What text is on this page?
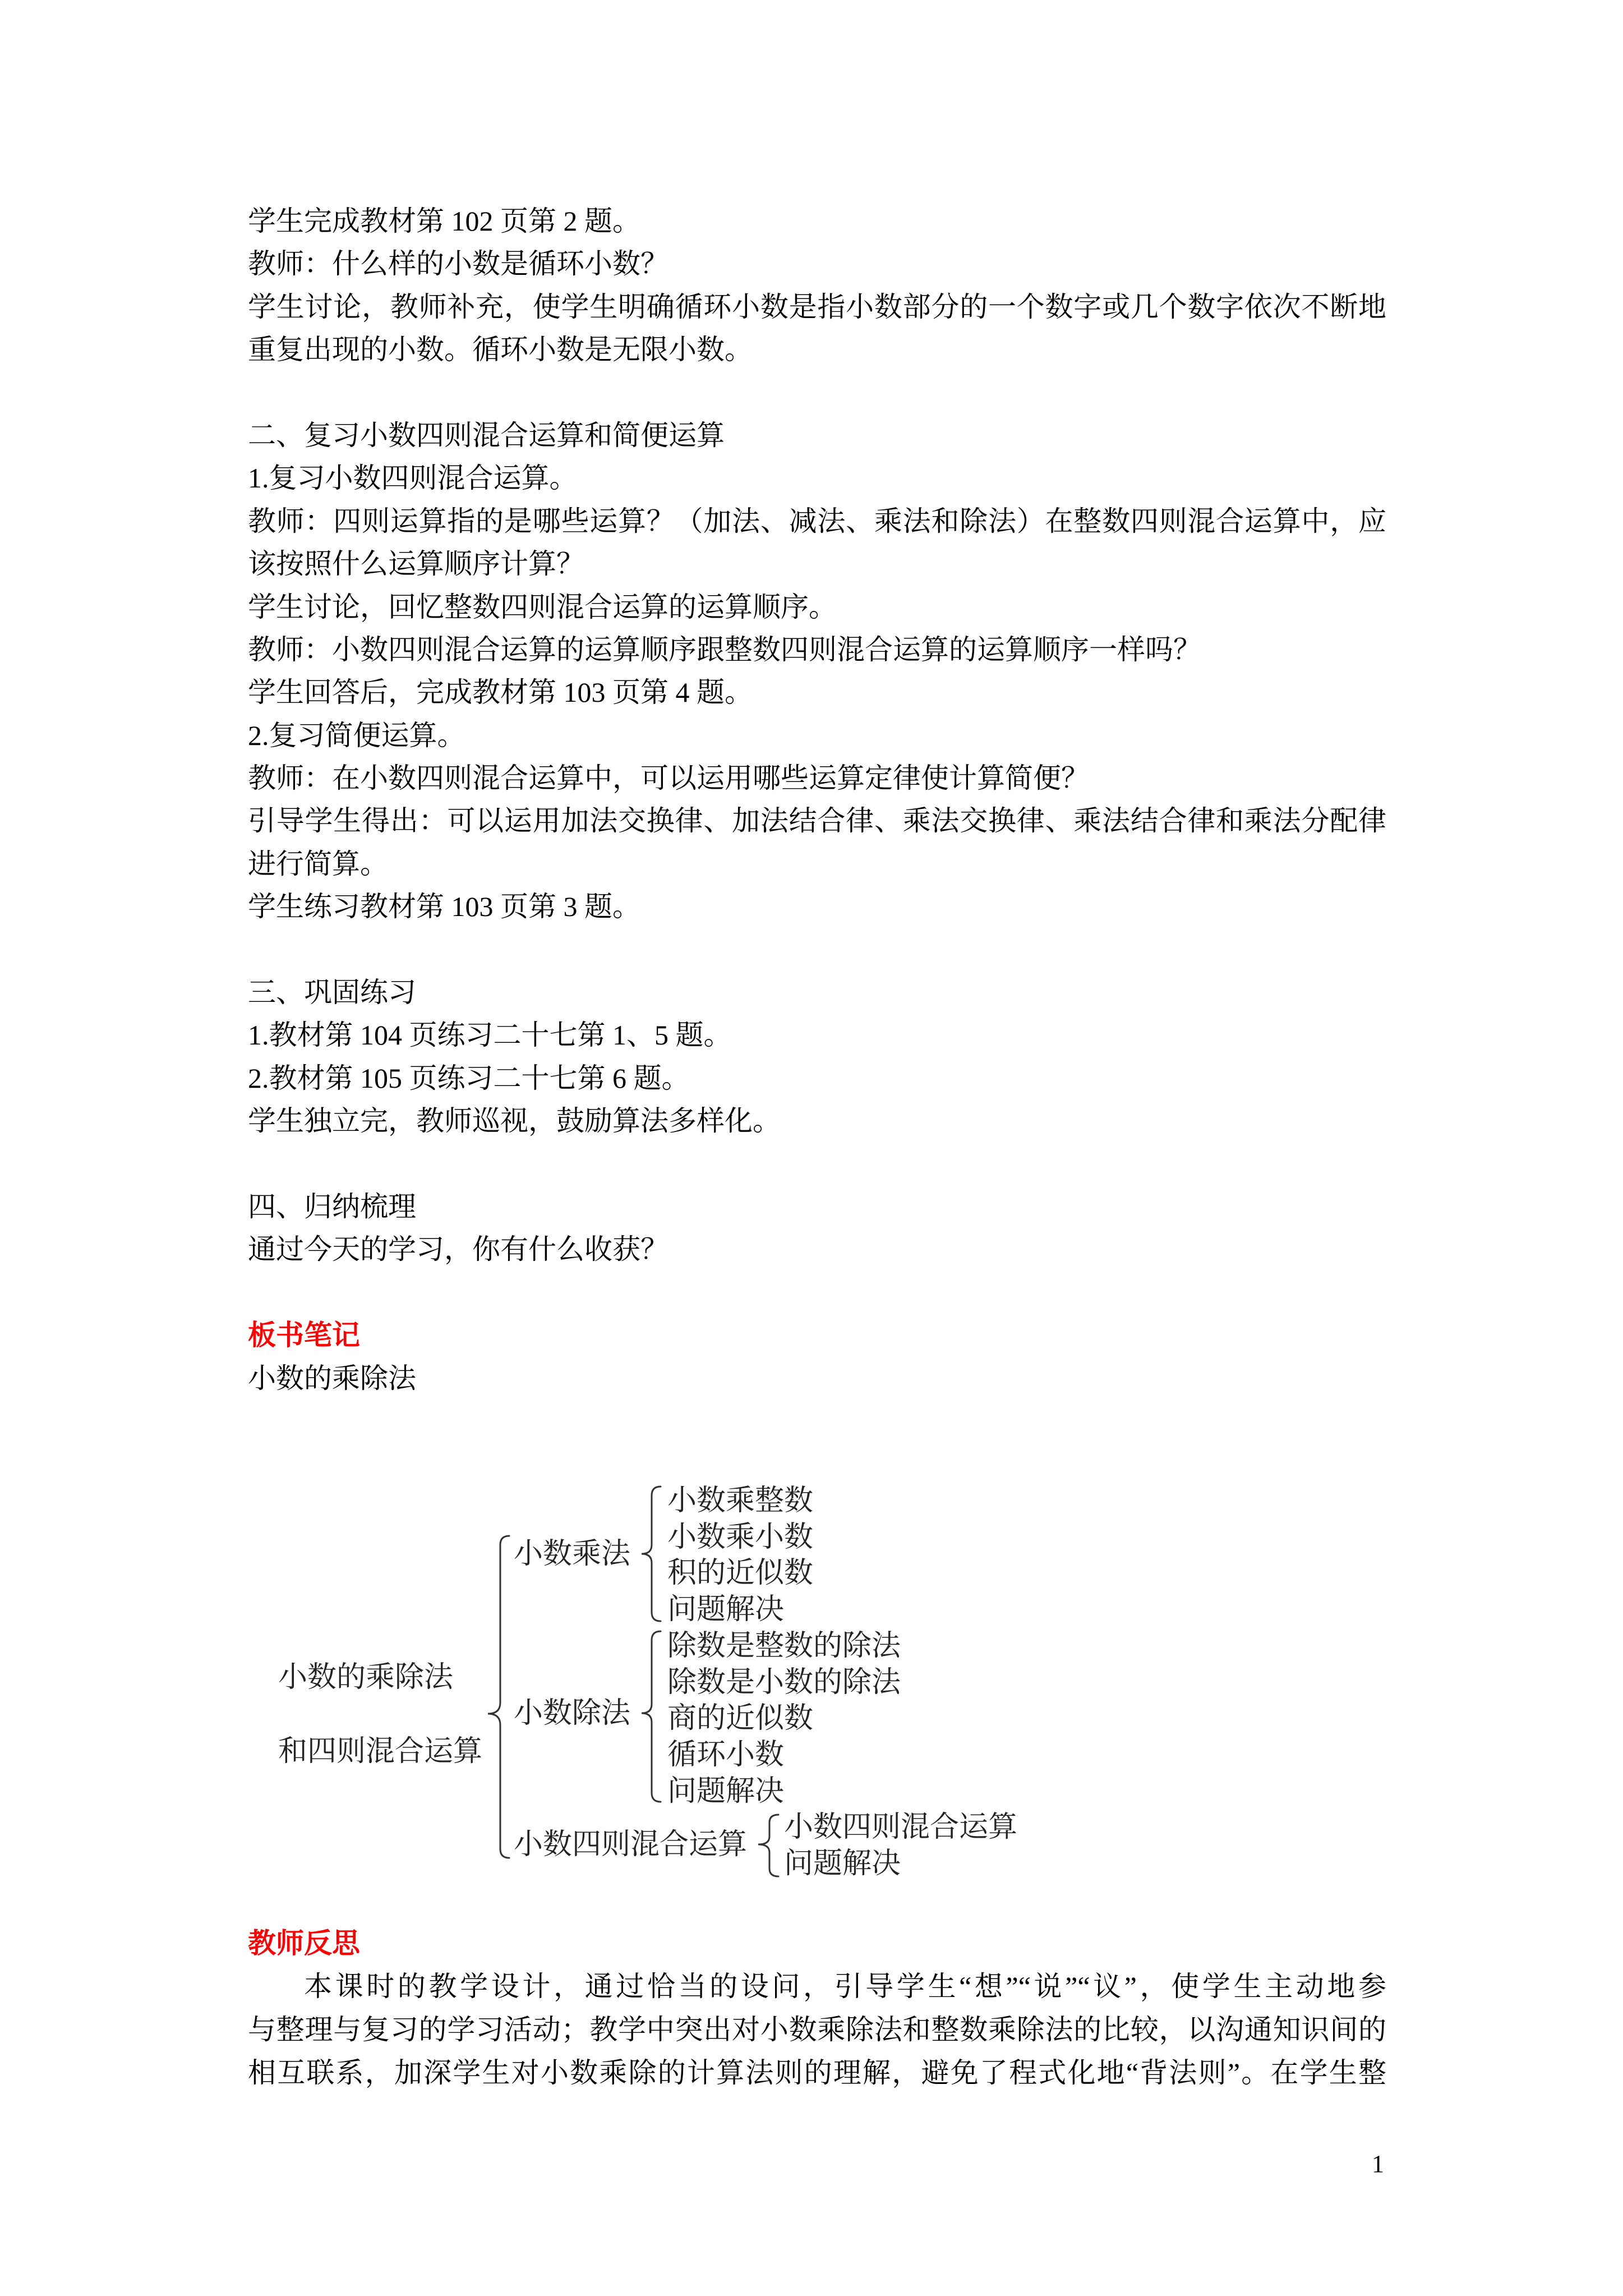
学生完成教材第 102 页第 2 题。
教师：什么样的小数是循环小数？
学生讨论，教师补充，使学生明确循环小数是指小数部分的一个数字或几个数字依次不断地
重复出现的小数。循环小数是无限小数。
二、复习小数四则混合运算和简便运算
1.复习小数四则混合运算。
教师：四则运算指的是哪些运算？（加法、减法、乘法和除法）在整数四则混合运算中，应
该按照什么运算顺序计算？
学生讨论，回忆整数四则混合运算的运算顺序。
教师：小数四则混合运算的运算顺序跟整数四则混合运算的运算顺序一样吗？
学生回答后，完成教材第 103 页第 4 题。
2.复习简便运算。
教师：在小数四则混合运算中，可以运用哪些运算定律使计算简便？
引导学生得出：可以运用加法交换律、加法结合律、乘法交换律、乘法结合律和乘法分配律
进行简算。
学生练习教材第 103 页第 3 题。
三、巩固练习
1.教材第 104 页练习二十七第 1、5 题。
2.教材第 105 页练习二十七第 6 题。
学生独立完，教师巡视，鼓励算法多样化。
四、归纳梳理
通过今天的学习，你有什么收获？
板书笔记
小数的乘除法
小数的乘除法
和四则混合运算
小数乘法
小数除法
小数四则混合运算
小数乘整数
小数乘小数
积的近似数
问题解决
除数是整数的除法
除数是小数的除法
商的近似数
循环小数
问题解决
小数四则混合运算
问题解决
教师反思
本课时的教学设计，通过恰当的设问，引导学生“想”“说”“议”，使学生主动地参
与整理与复习的学习活动；教学中突出对小数乘除法和整数乘除法的比较，以沟通知识间的
相互联系，加深学生对小数乘除的计算法则的理解，避免了程式化地“背法则”。在学生整
1
